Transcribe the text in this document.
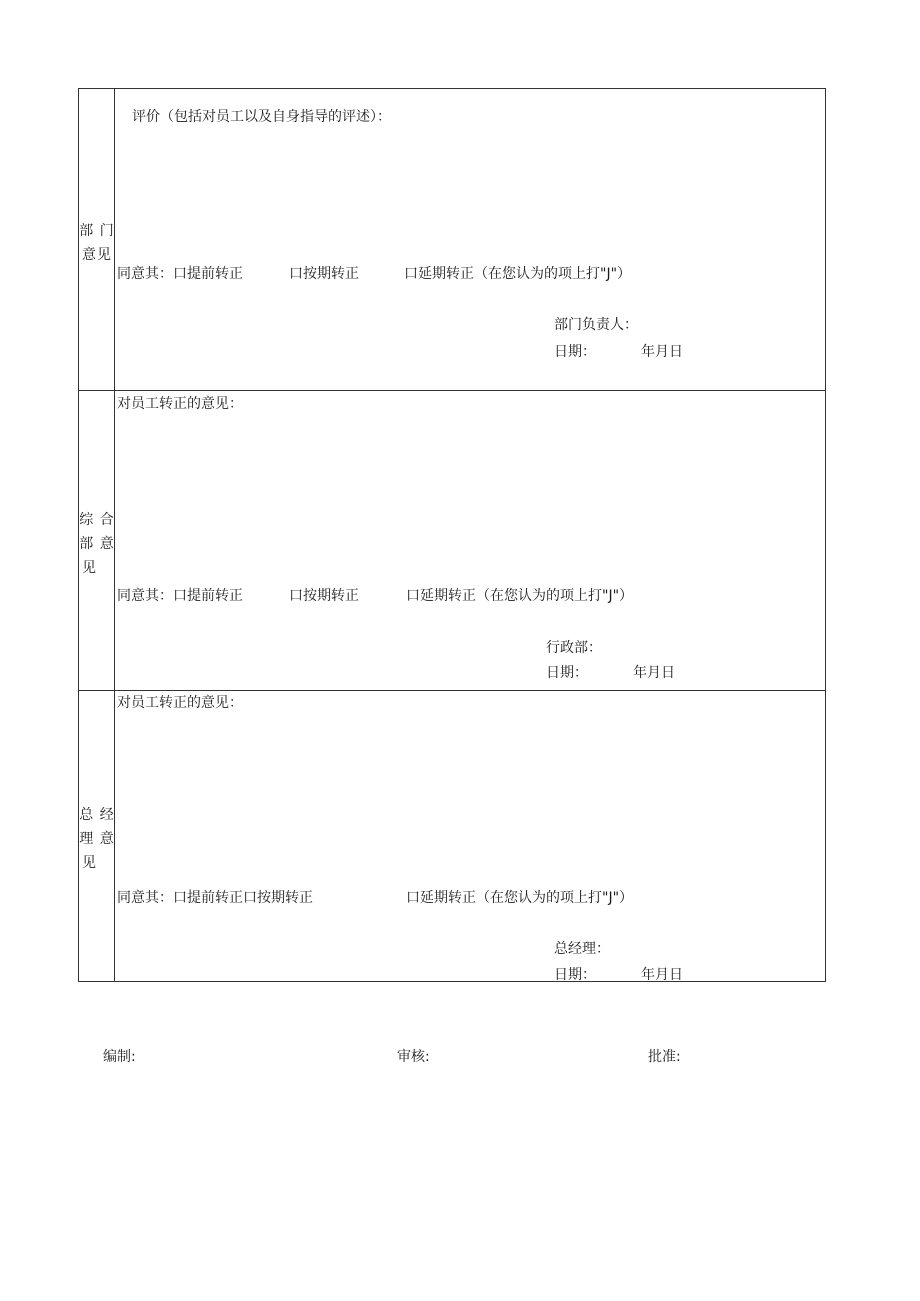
部 门
意见
评价（包括对员工以及自身指导的评述）：
同意其：口提前转正	口按期转正	口延期转正（在您认为的项上打"J"）
部门负责人：
日期：	年月日
综 合
部 意
见
对员工转正的意见：
同意其：口提前转正	口按期转正	口延期转正（在您认为的项上打"J"）
行政部：
日期：	年月日
总 经
理 意
见
对员工转正的意见：
同意其：口提前转正口按期转正	口延期转正（在您认为的项上打"J"）
总经理：
日期：	年月日
编制:	审核:	批准:
